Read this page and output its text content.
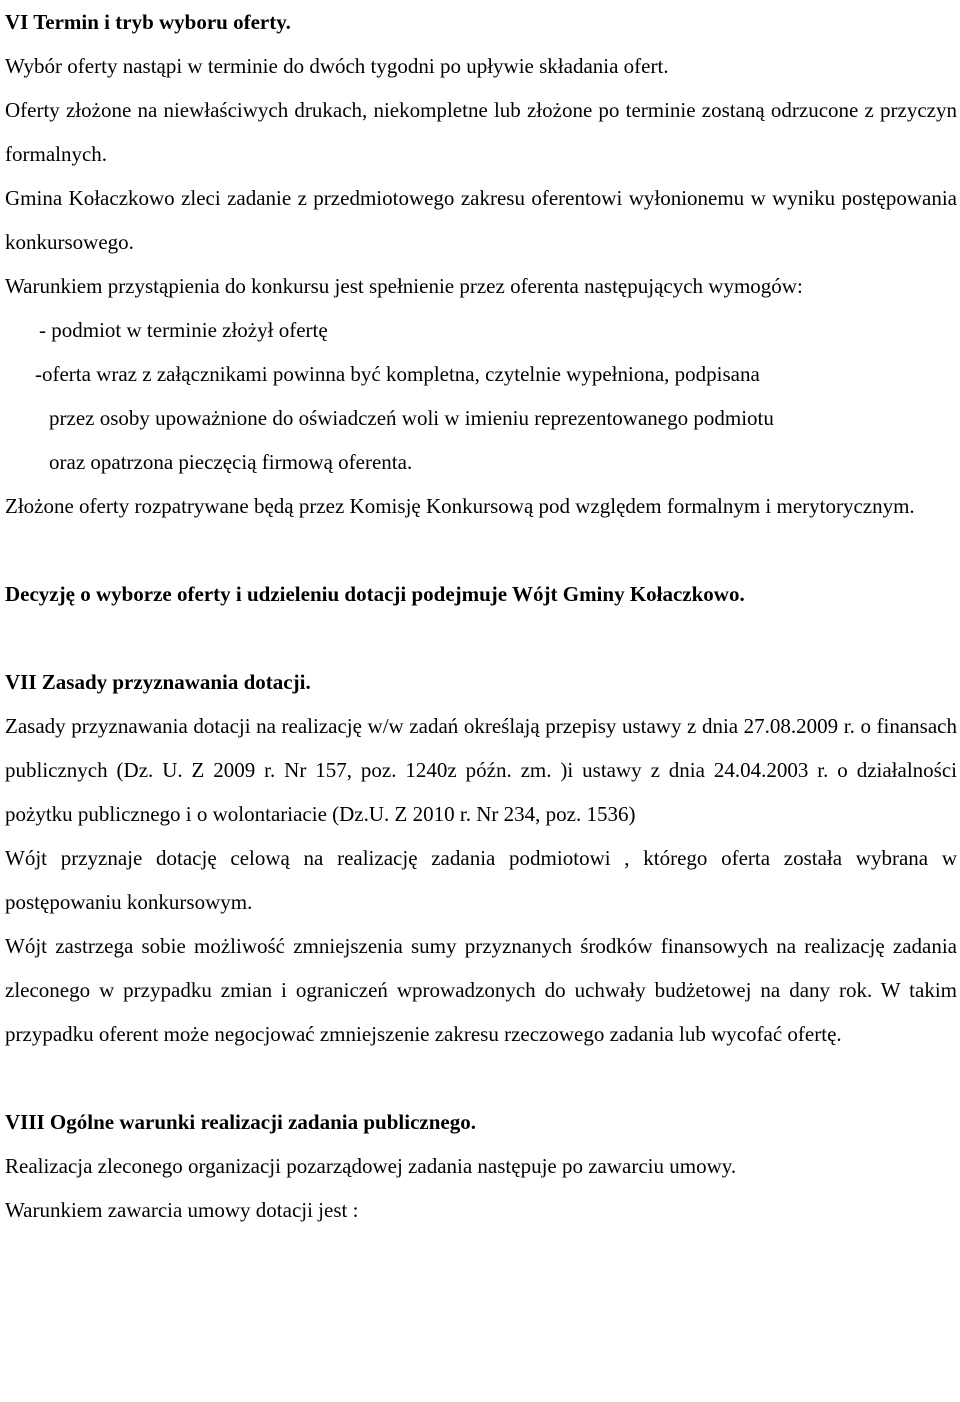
VI Termin i tryb wyboru oferty.

Wybór oferty nastąpi w terminie do dwóch tygodni po upływie składania ofert.

Oferty złożone na niewłaściwych drukach, niekompletne lub złożone po terminie zostaną odrzucone z przyczyn formalnych.

Gmina Kołaczkowo zleci zadanie z przedmiotowego zakresu oferentowi wyłonionemu w wyniku postępowania konkursowego.

Warunkiem przystąpienia do konkursu jest spełnienie przez oferenta następujących wymogów:

- podmiot w terminie złożył ofertę

-oferta wraz z załącznikami powinna być kompletna, czytelnie wypełniona, podpisana

przez osoby upoważnione do oświadczeń woli w imieniu reprezentowanego podmiotu

oraz opatrzona pieczęcią firmową oferenta.

Złożone oferty rozpatrywane będą przez Komisję Konkursową pod względem formalnym i merytorycznym.

Decyzję o wyborze oferty i udzieleniu dotacji podejmuje Wójt Gminy Kołaczkowo.

VII Zasady przyznawania dotacji.

Zasady przyznawania dotacji na realizację w/w zadań określają przepisy ustawy z dnia 27.08.2009 r. o finansach publicznych (Dz. U. Z 2009 r. Nr 157, poz. 1240z późn. zm. )i ustawy z dnia 24.04.2003 r. o działalności pożytku publicznego i o wolontariacie (Dz.U. Z 2010 r. Nr 234, poz. 1536)

Wójt przyznaje dotację celową na realizację zadania podmiotowi , którego oferta została wybrana w postępowaniu konkursowym.

Wójt zastrzega sobie możliwość zmniejszenia sumy przyznanych środków finansowych na realizację zadania zleconego w przypadku zmian i ograniczeń wprowadzonych do uchwały budżetowej na dany rok. W takim przypadku oferent może negocjować zmniejszenie zakresu rzeczowego zadania lub wycofać ofertę.

VIII Ogólne warunki realizacji zadania publicznego.

Realizacja zleconego organizacji pozarządowej zadania następuje po zawarciu umowy.

Warunkiem zawarcia umowy dotacji jest :
